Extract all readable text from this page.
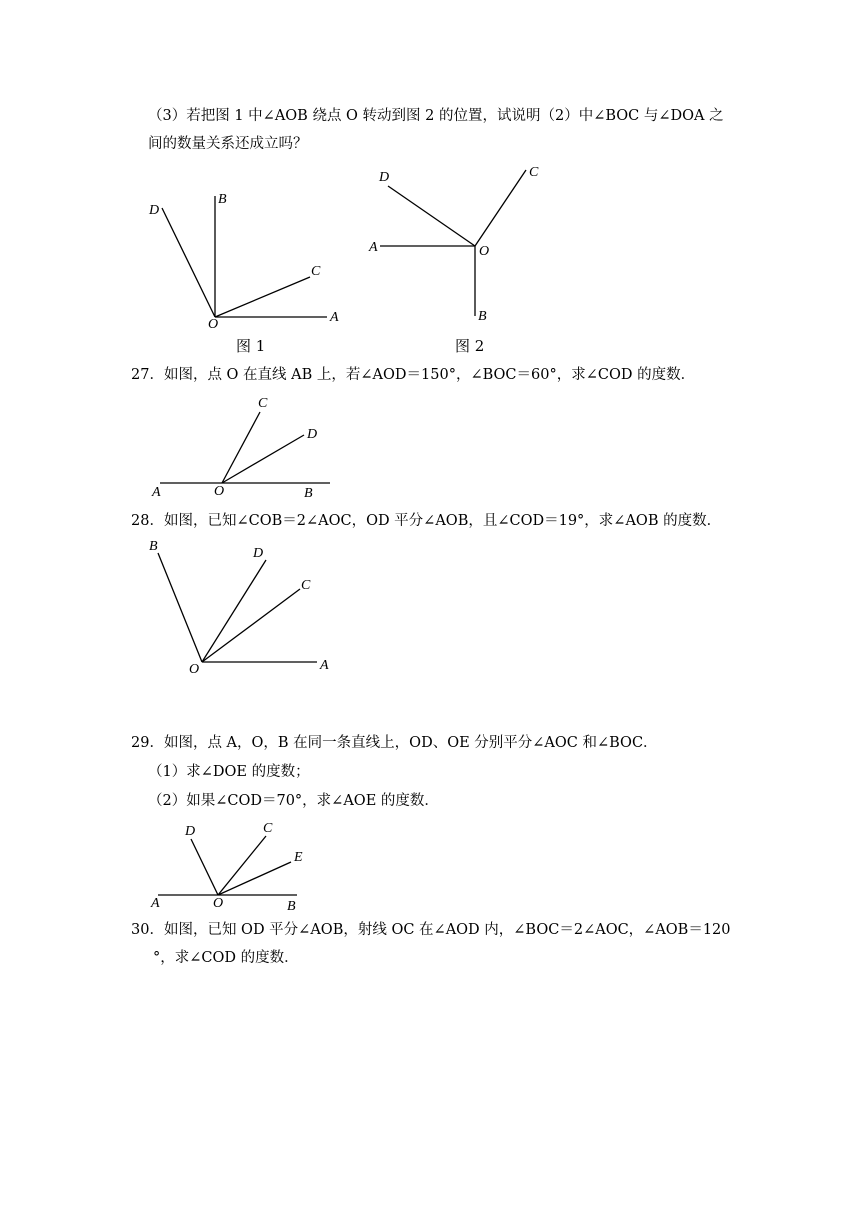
（3）若把图 1 中∠AOB 绕点 O 转动到图 2 的位置，试说明（2）中∠BOC 与∠DOA 之
间的数量关系还成立吗？
D
B
C
O	A
图 1
D	C
A	O
B
图 2
27．如图，点 O 在直线 AB 上，若∠AOD＝150°，∠BOC＝60°，求∠COD 的度数．
C
D
A	O	B
28．如图，已知∠COB＝2∠AOC，OD 平分∠AOB，且∠COD＝19°，求∠AOB 的度数．
B	D
C
O	A
29．如图，点 A，O，B 在同一条直线上，OD、OE 分别平分∠AOC 和∠BOC．
（1）求∠DOE 的度数；
（2）如果∠COD＝70°，求∠AOE 的度数．
D	C
E
A	O	B
30．如图，已知 OD 平分∠AOB，射线 OC 在∠AOD 内，∠BOC＝2∠AOC，∠AOB＝120
°，求∠COD 的度数．
